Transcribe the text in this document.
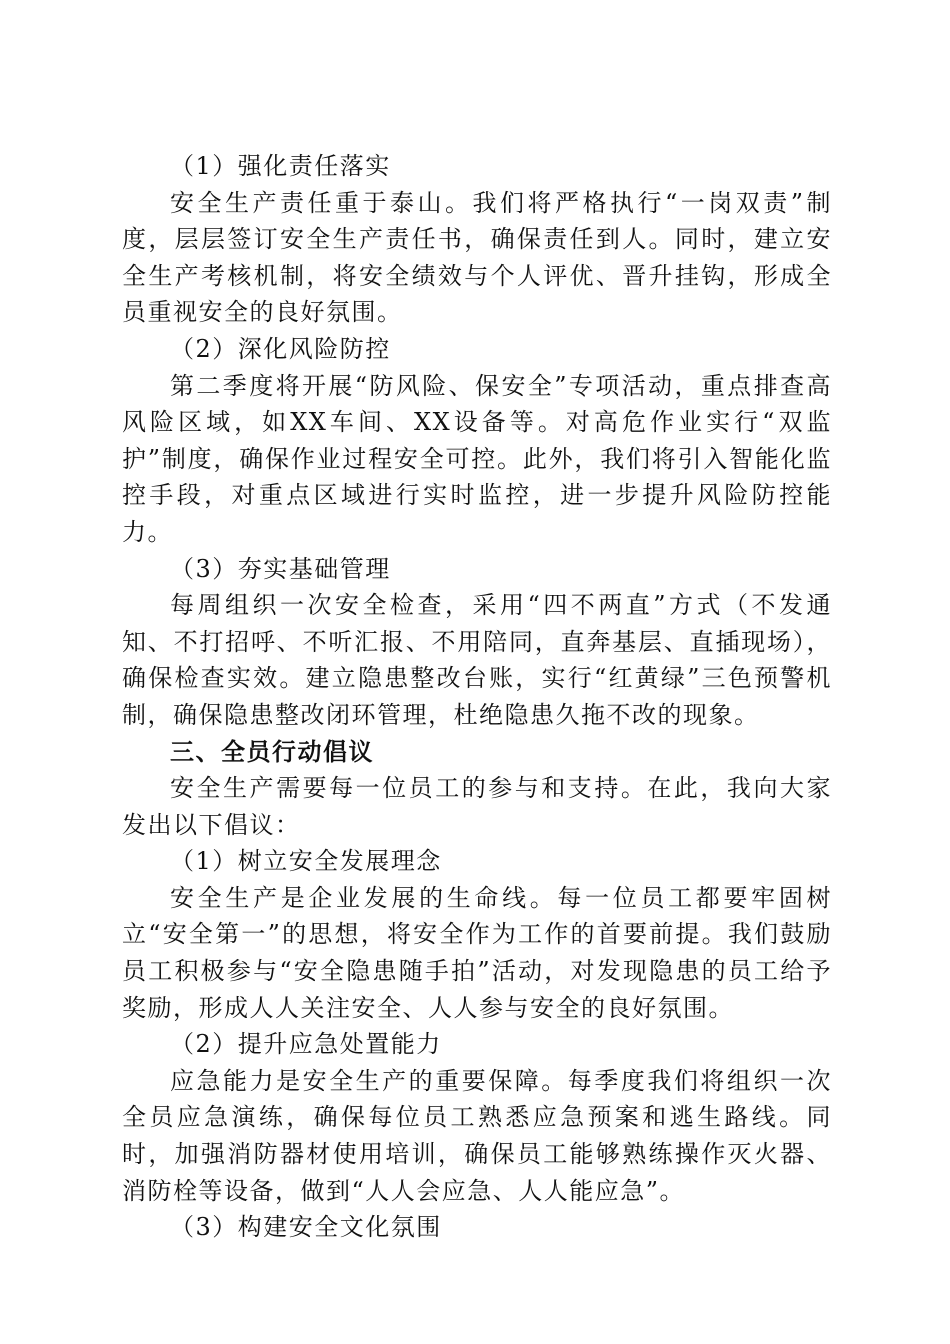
（1）强化责任落实

安全生产责任重于泰山。我们将严格执行“一岗双责”制度，层层签订安全生产责任书，确保责任到人。同时，建立安全生产考核机制，将安全绩效与个人评优、晋升挂钩，形成全员重视安全的良好氛围。

（2）深化风险防控

第二季度将开展“防风险、保安全”专项活动，重点排查高风险区域，如XX车间、XX设备等。对高危作业实行“双监护”制度，确保作业过程安全可控。此外，我们将引入智能化监控手段，对重点区域进行实时监控，进一步提升风险防控能力。

（3）夯实基础管理

每周组织一次安全检查，采用“四不两直”方式（不发通知、不打招呼、不听汇报、不用陪同，直奔基层、直插现场），确保检查实效。建立隐患整改台账，实行“红黄绿”三色预警机制，确保隐患整改闭环管理，杜绝隐患久拖不改的现象。

三、全员行动倡议

安全生产需要每一位员工的参与和支持。在此，我向大家发出以下倡议：

（1）树立安全发展理念

安全生产是企业发展的生命线。每一位员工都要牢固树立“安全第一”的思想，将安全作为工作的首要前提。我们鼓励员工积极参与“安全隐患随手拍”活动，对发现隐患的员工给予奖励，形成人人关注安全、人人参与安全的良好氛围。

（2）提升应急处置能力

应急能力是安全生产的重要保障。每季度我们将组织一次全员应急演练，确保每位员工熟悉应急预案和逃生路线。同时，加强消防器材使用培训，确保员工能够熟练操作灭火器、消防栓等设备，做到“人人会应急、人人能应急”。

（3）构建安全文化氛围
